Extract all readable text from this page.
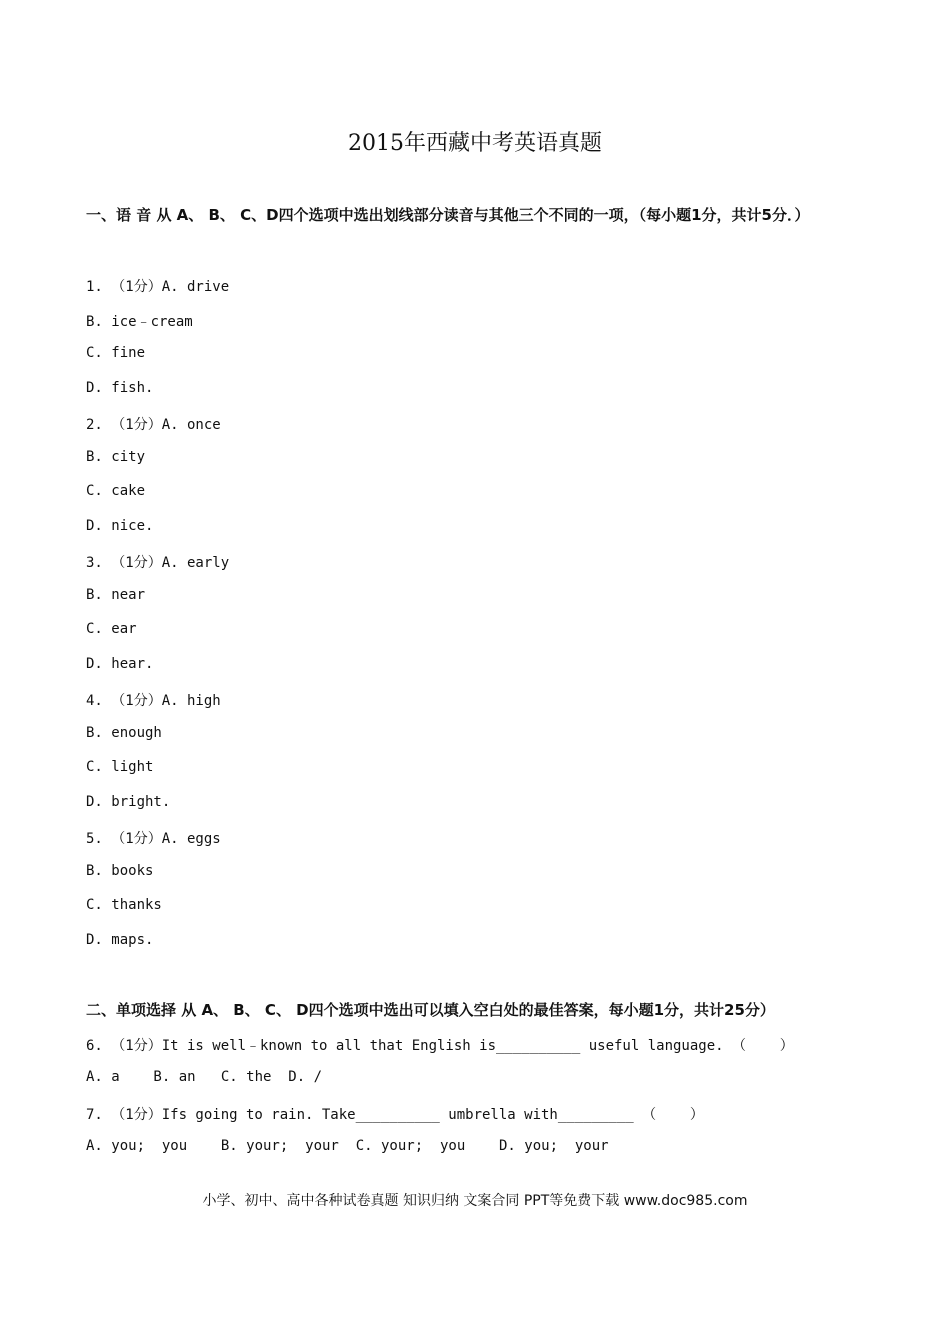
2015年西藏中考英语真题
一、语 音 从 A、 B、 C、D四个选项中选出划线部分读音与其他三个不同的一项，（每小题1分，共计5分．）
1. （1分）A. drive
B. ice﹣cream
C. fine
D. fish.
2. （1分）A. once
B. city
C. cake
D. nice.
3. （1分）A. early
B. near
C. ear
D. hear.
4. （1分）A. high
B. enough
C. light
D. bright.
5. （1分）A. eggs
B. books
C. thanks
D. maps.
二、单项选择 从 A、 B、 C、 D四个选项中选出可以填入空白处的最佳答案，每小题1分，共计25分）
6. （1分）It is well﹣known to all that English is__________ useful language. （    ）
A. a    B. an   C. the  D. /
7. （1分）Ifs going to rain. Take__________ umbrella with_________ （    ）
A. you;  you    B. your;  your  C. your;  you    D. you;  your
小学、初中、高中各种试卷真题 知识归纳 文案合同 PPT等免费下载 www.doc985.com
